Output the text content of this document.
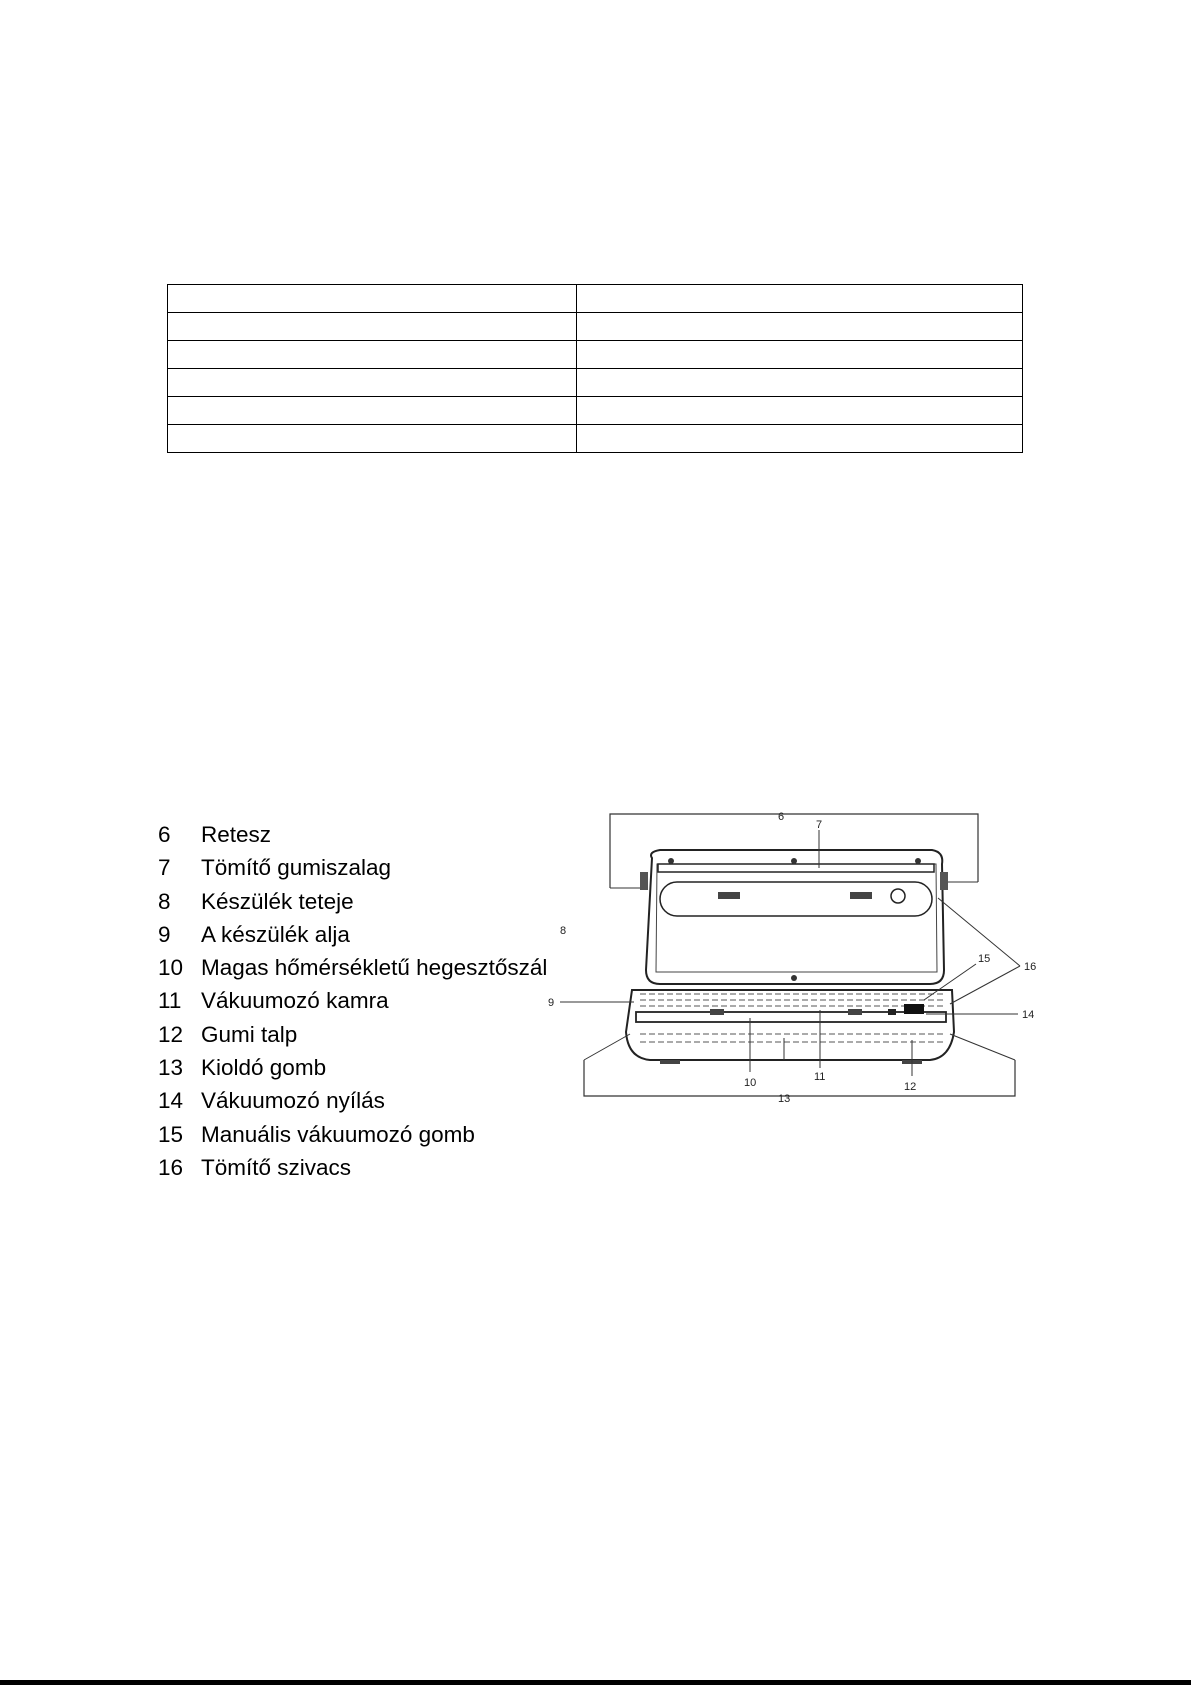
6	Retesz
7	Tömítő gumiszalag
8	Készülék teteje
9	A készülék alja
10 Magas hőmérsékletű hegesztőszál
11 Vákuumozó kamra
12 Gumi talp
13 Kioldó gomb
14 Vákuumozó nyílás
15 Manuális vákuumozó gomb
16 Tömítő szivacs
6
7
8
9
10	11
12
13
14
15
16
